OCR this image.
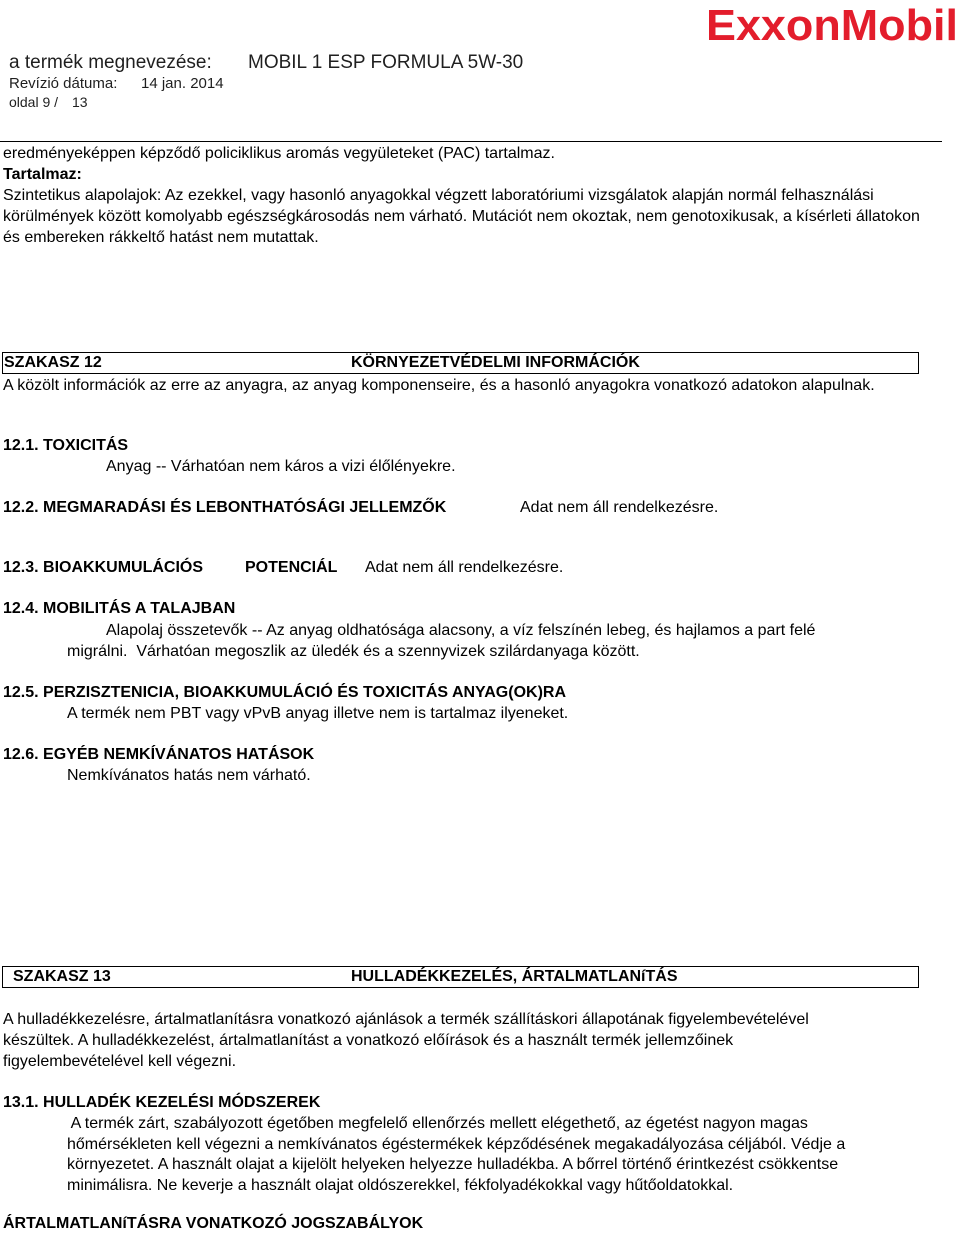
a termék megnevezése: MOBIL 1 ESP FORMULA 5W-30
Revízió dátuma: 14 jan. 2014
oldal 9 / 13
ExxonMobil
eredményeképpen képződő policiklikus aromás vegyületeket (PAC) tartalmaz.
Tartalmaz:
Szintetikus alapolajok: Az ezekkel, vagy hasonló anyagokkal végzett laboratóriumi vizsgálatok alapján normál felhasználási körülmények között komolyabb egészségkárosodás nem várható. Mutációt nem okoztak, nem genotoxikusak, a kísérleti állatokon és embereken rákkeltő hatást nem mutattak.
SZAKASZ 12	KÖRNYEZETVÉDELMI INFORMÁCIÓK
A közölt információk az erre az anyagra, az anyag komponenseire, és a hasonló anyagokra vonatkozó adatokon alapulnak.
12.1. TOXICITÁS
Anyag -- Várhatóan nem káros a vizi élőlényekre.
12.2. MEGMARADÁSI ÉS LEBONTHATÓSÁGI JELLEMZŐK	Adat nem áll rendelkezésre.
12.3. BIOAKKUMULÁCIÓS	POTENCIÁL Adat nem áll rendelkezésre.
12.4. MOBILITÁS A TALAJBAN
Alapolaj összetevők -- Az anyag oldhatósága alacsony, a víz felszínén lebeg, és hajlamos a part felé
migrálni.  Várhatóan megoszlik az üledék és a szennyvizek szilárdanyaga között.
12.5. PERZISZTENICIA, BIOAKKUMULÁCIÓ ÉS TOXICITÁS ANYAG(OK)RA
A termék nem PBT vagy vPvB anyag illetve nem is tartalmaz ilyeneket.
12.6. EGYÉB NEMKÍVÁNATOS HATÁSOK
Nemkívánatos hatás nem várható.
SZAKASZ 13	HULLADÉKKEZELÉS, ÁRTALMATLANíTÁS
A hulladékkezelésre, ártalmatlanításra vonatkozó ajánlások a termék szállításkori állapotának figyelembevételével
készültek. A hulladékkezelést, ártalmatlanítást a vonatkozó előírások és a használt termék jellemzőinek
figyelembevételével kell végezni.
13.1. HULLADÉK KEZELÉSI MÓDSZEREK
A termék zárt, szabályozott égetőben megfelelő ellenőrzés mellett elégethető, az égetést nagyon magas
hőmérsékleten kell végezni a nemkívánatos égéstermékek képződésének megakadályozása céljából. Védje a
környezetet. A használt olajat a kijelölt helyeken helyezze hulladékba. A bőrrel történő érintkezést csökkentse
minimálisra. Ne keverje a használt olajat oldószerekkel, fékfolyadékokkal vagy hűtőoldatokkal.
ÁRTALMATLANíTÁSRA VONATKOZÓ JOGSZABÁLYOK
